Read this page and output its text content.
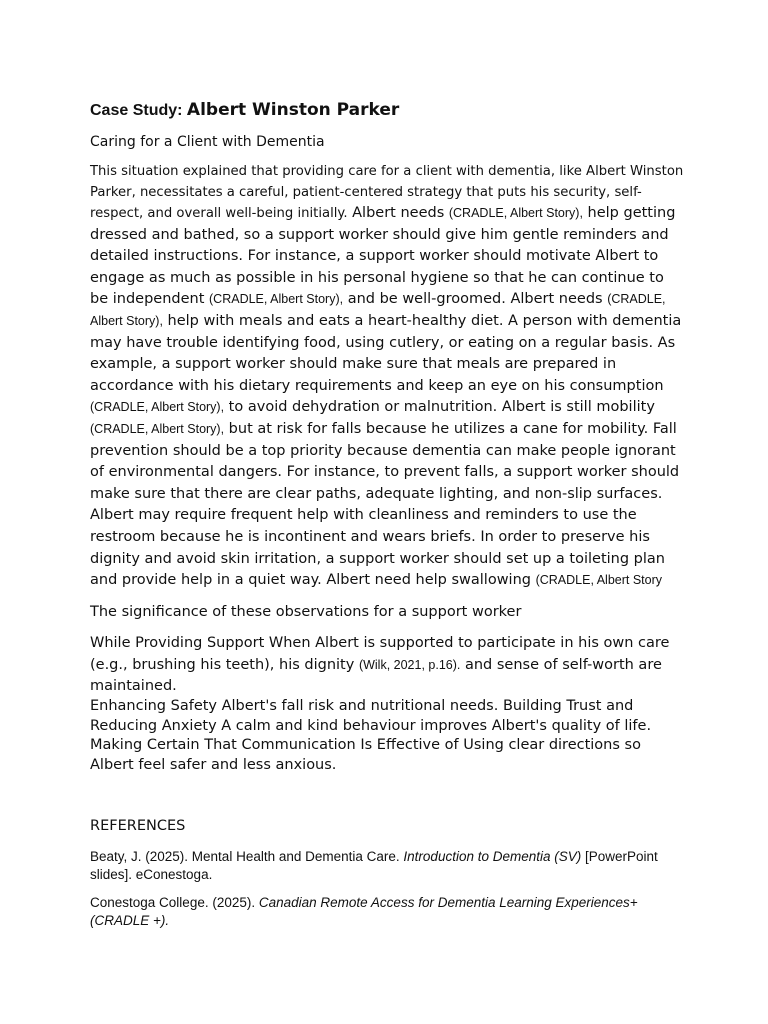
Case Study: Albert Winston Parker

Caring for a Client with Dementia

This situation explained that providing care for a client with dementia, like Albert Winston Parker, necessitates a careful, patient-centered strategy that puts his security, self-respect, and overall well-being initially. Albert needs (CRADLE, Albert Story), help getting dressed and bathed, so a support worker should give him gentle reminders and detailed instructions. For instance, a support worker should motivate Albert to engage as much as possible in his personal hygiene so that he can continue to be independent (CRADLE, Albert Story), and be well-groomed. Albert needs (CRADLE, Albert Story), help with meals and eats a heart-healthy diet. A person with dementia may have trouble identifying food, using cutlery, or eating on a regular basis. As example, a support worker should make sure that meals are prepared in accordance with his dietary requirements and keep an eye on his consumption (CRADLE, Albert Story), to avoid dehydration or malnutrition. Albert is still mobility (CRADLE, Albert Story), but at risk for falls because he utilizes a cane for mobility. Fall prevention should be a top priority because dementia can make people ignorant of environmental dangers. For instance, to prevent falls, a support worker should make sure that there are clear paths, adequate lighting, and non-slip surfaces. Albert may require frequent help with cleanliness and reminders to use the restroom because he is incontinent and wears briefs. In order to preserve his dignity and avoid skin irritation, a support worker should set up a toileting plan and provide help in a quiet way. Albert need help swallowing (CRADLE, Albert Story

The significance of these observations for a support worker

While Providing Support When Albert is supported to participate in his own care (e.g., brushing his teeth), his dignity (Wilk, 2021, p.16). and sense of self-worth are maintained.

Enhancing Safety Albert's fall risk and nutritional needs. Building Trust and Reducing Anxiety A calm and kind behaviour improves Albert's quality of life. Making Certain That Communication Is Effective of Using clear directions so Albert feel safer and less anxious.

REFERENCES

Beaty, J. (2025). Mental Health and Dementia Care. Introduction to Dementia (SV) [PowerPoint slides]. eConestoga.

Conestoga College. (2025). Canadian Remote Access for Dementia Learning Experiences+ (CRADLE +).
